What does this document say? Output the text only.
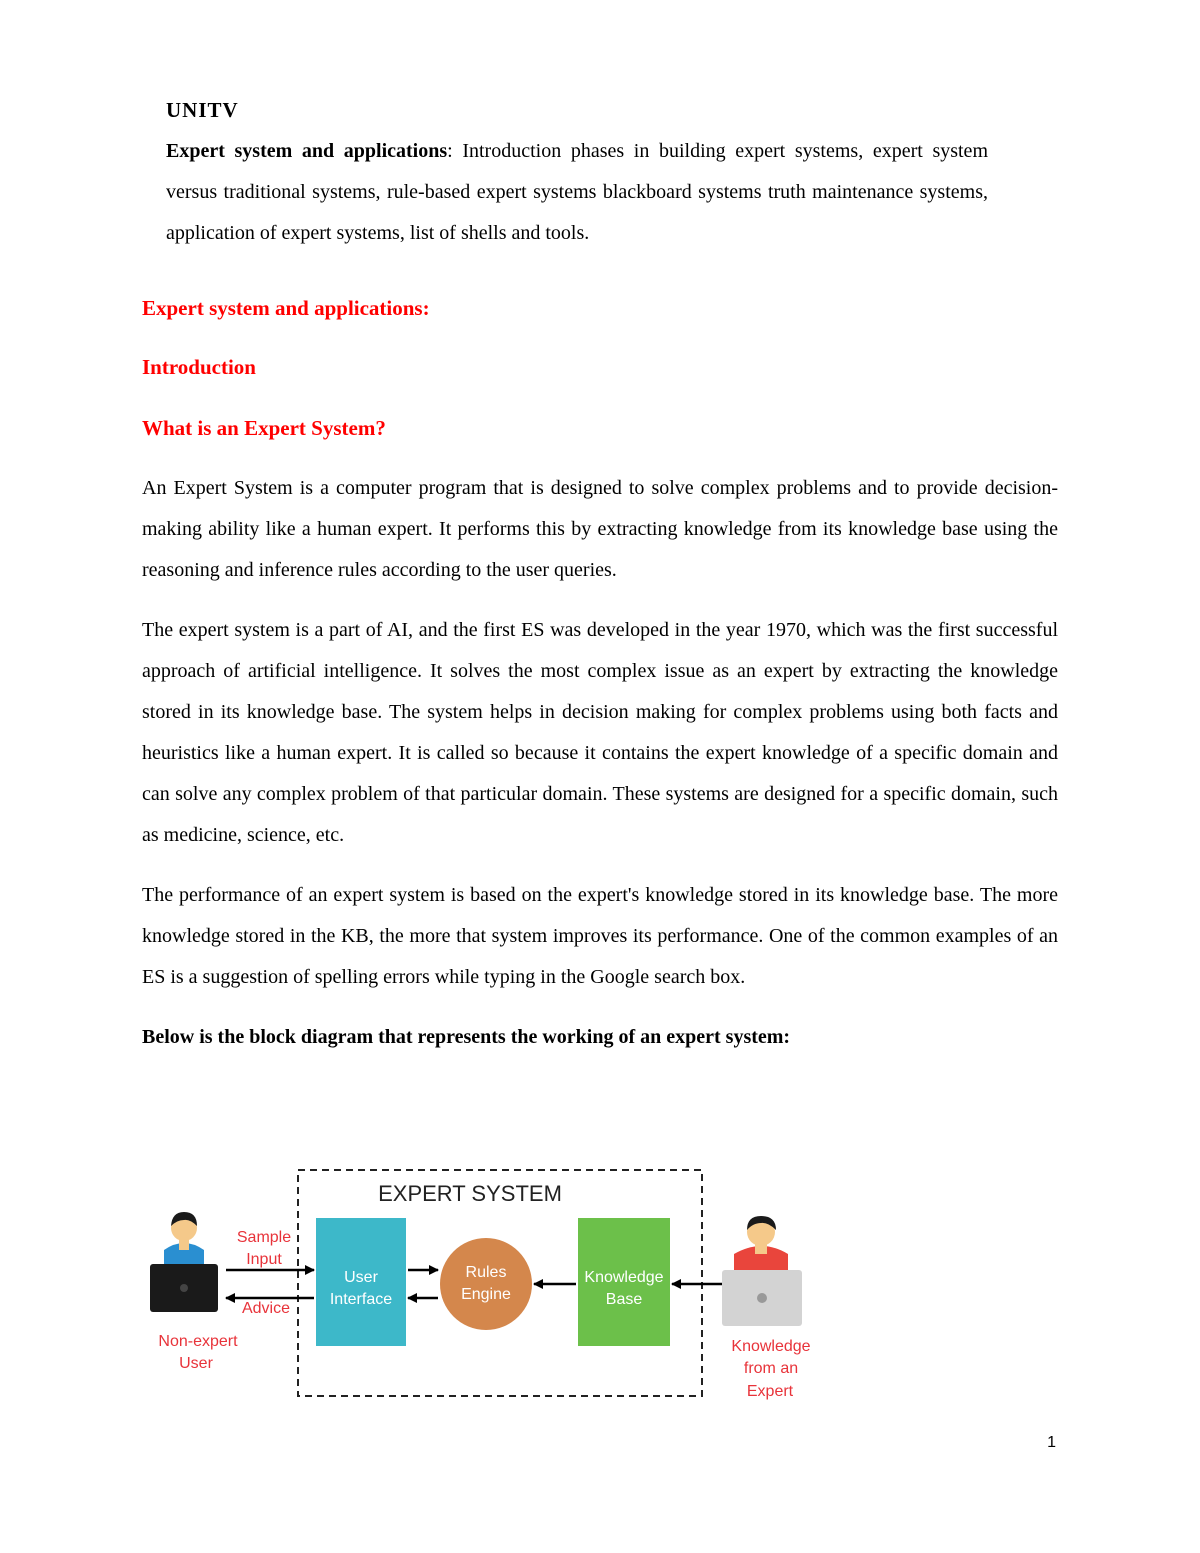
UNITV

Expert system and applications: Introduction phases in building expert systems, expert system versus traditional systems, rule-based expert systems blackboard systems truth maintenance systems, application of expert systems, list of shells and tools.

Expert system and applications:

Introduction

What is an Expert System?

An Expert System is a computer program that is designed to solve complex problems and to provide decision-making ability like a human expert. It performs this by extracting knowledge from its knowledge base using the reasoning and inference rules according to the user queries.

The expert system is a part of AI, and the first ES was developed in the year 1970, which was the first successful approach of artificial intelligence. It solves the most complex issue as an expert by extracting the knowledge stored in its knowledge base. The system helps in decision making for complex problems using both facts and heuristics like a human expert. It is called so because it contains the expert knowledge of a specific domain and can solve any complex problem of that particular domain. These systems are designed for a specific domain, such as medicine, science, etc.

The performance of an expert system is based on the expert's knowledge stored in its knowledge base. The more knowledge stored in the KB, the more that system improves its performance. One of the common examples of an ES is a suggestion of spelling errors while typing in the Google search box.

Below is the block diagram that represents the working of an expert system:

EXPERT SYSTEM
User
Interface
Rules
Engine
Knowledge
Base
Sample
Input
Advice
Non-expert
User
Knowledge
from an
Expert
1
